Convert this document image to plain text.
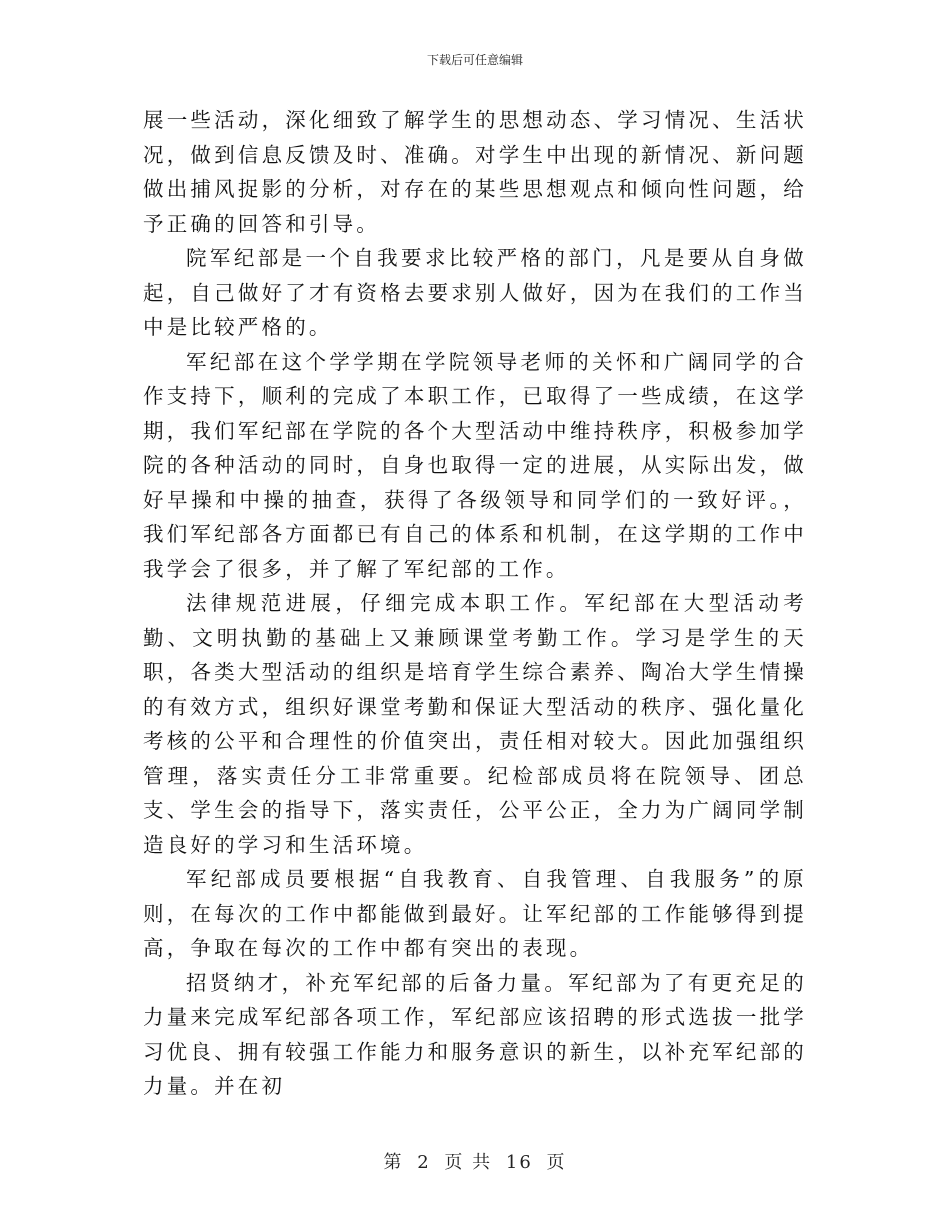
下载后可任意编辑

展一些活动，深化细致了解学生的思想动态、学习情况、生活状况，做到信息反馈及时、准确。对学生中出现的新情况、新问题做出捕风捉影的分析，对存在的某些思想观点和倾向性问题，给予正确的回答和引导。

院军纪部是一个自我要求比较严格的部门，凡是要从自身做起，自己做好了才有资格去要求别人做好，因为在我们的工作当中是比较严格的。

军纪部在这个学学期在学院领导老师的关怀和广阔同学的合作支持下，顺利的完成了本职工作，已取得了一些成绩，在这学期，我们军纪部在学院的各个大型活动中维持秩序，积极参加学院的各种活动的同时，自身也取得一定的进展，从实际出发，做好早操和中操的抽查，获得了各级领导和同学们的一致好评。，我们军纪部各方面都已有自己的体系和机制，在这学期的工作中我学会了很多，并了解了军纪部的工作。

法律规范进展，仔细完成本职工作。军纪部在大型活动考勤、文明执勤的基础上又兼顾课堂考勤工作。学习是学生的天职，各类大型活动的组织是培育学生综合素养、陶冶大学生情操的有效方式，组织好课堂考勤和保证大型活动的秩序、强化量化考核的公平和合理性的价值突出，责任相对较大。因此加强组织管理，落实责任分工非常重要。纪检部成员将在院领导、团总支、学生会的指导下，落实责任，公平公正，全力为广阔同学制造良好的学习和生活环境。

军纪部成员要根据“自我教育、自我管理、自我服务”的原则，在每次的工作中都能做到最好。让军纪部的工作能够得到提高，争取在每次的工作中都有突出的表现。

招贤纳才，补充军纪部的后备力量。军纪部为了有更充足的力量来完成军纪部各项工作，军纪部应该招聘的形式选拔一批学习优良、拥有较强工作能力和服务意识的新生，以补充军纪部的力量。并在初

第 2 页 共 16 页
